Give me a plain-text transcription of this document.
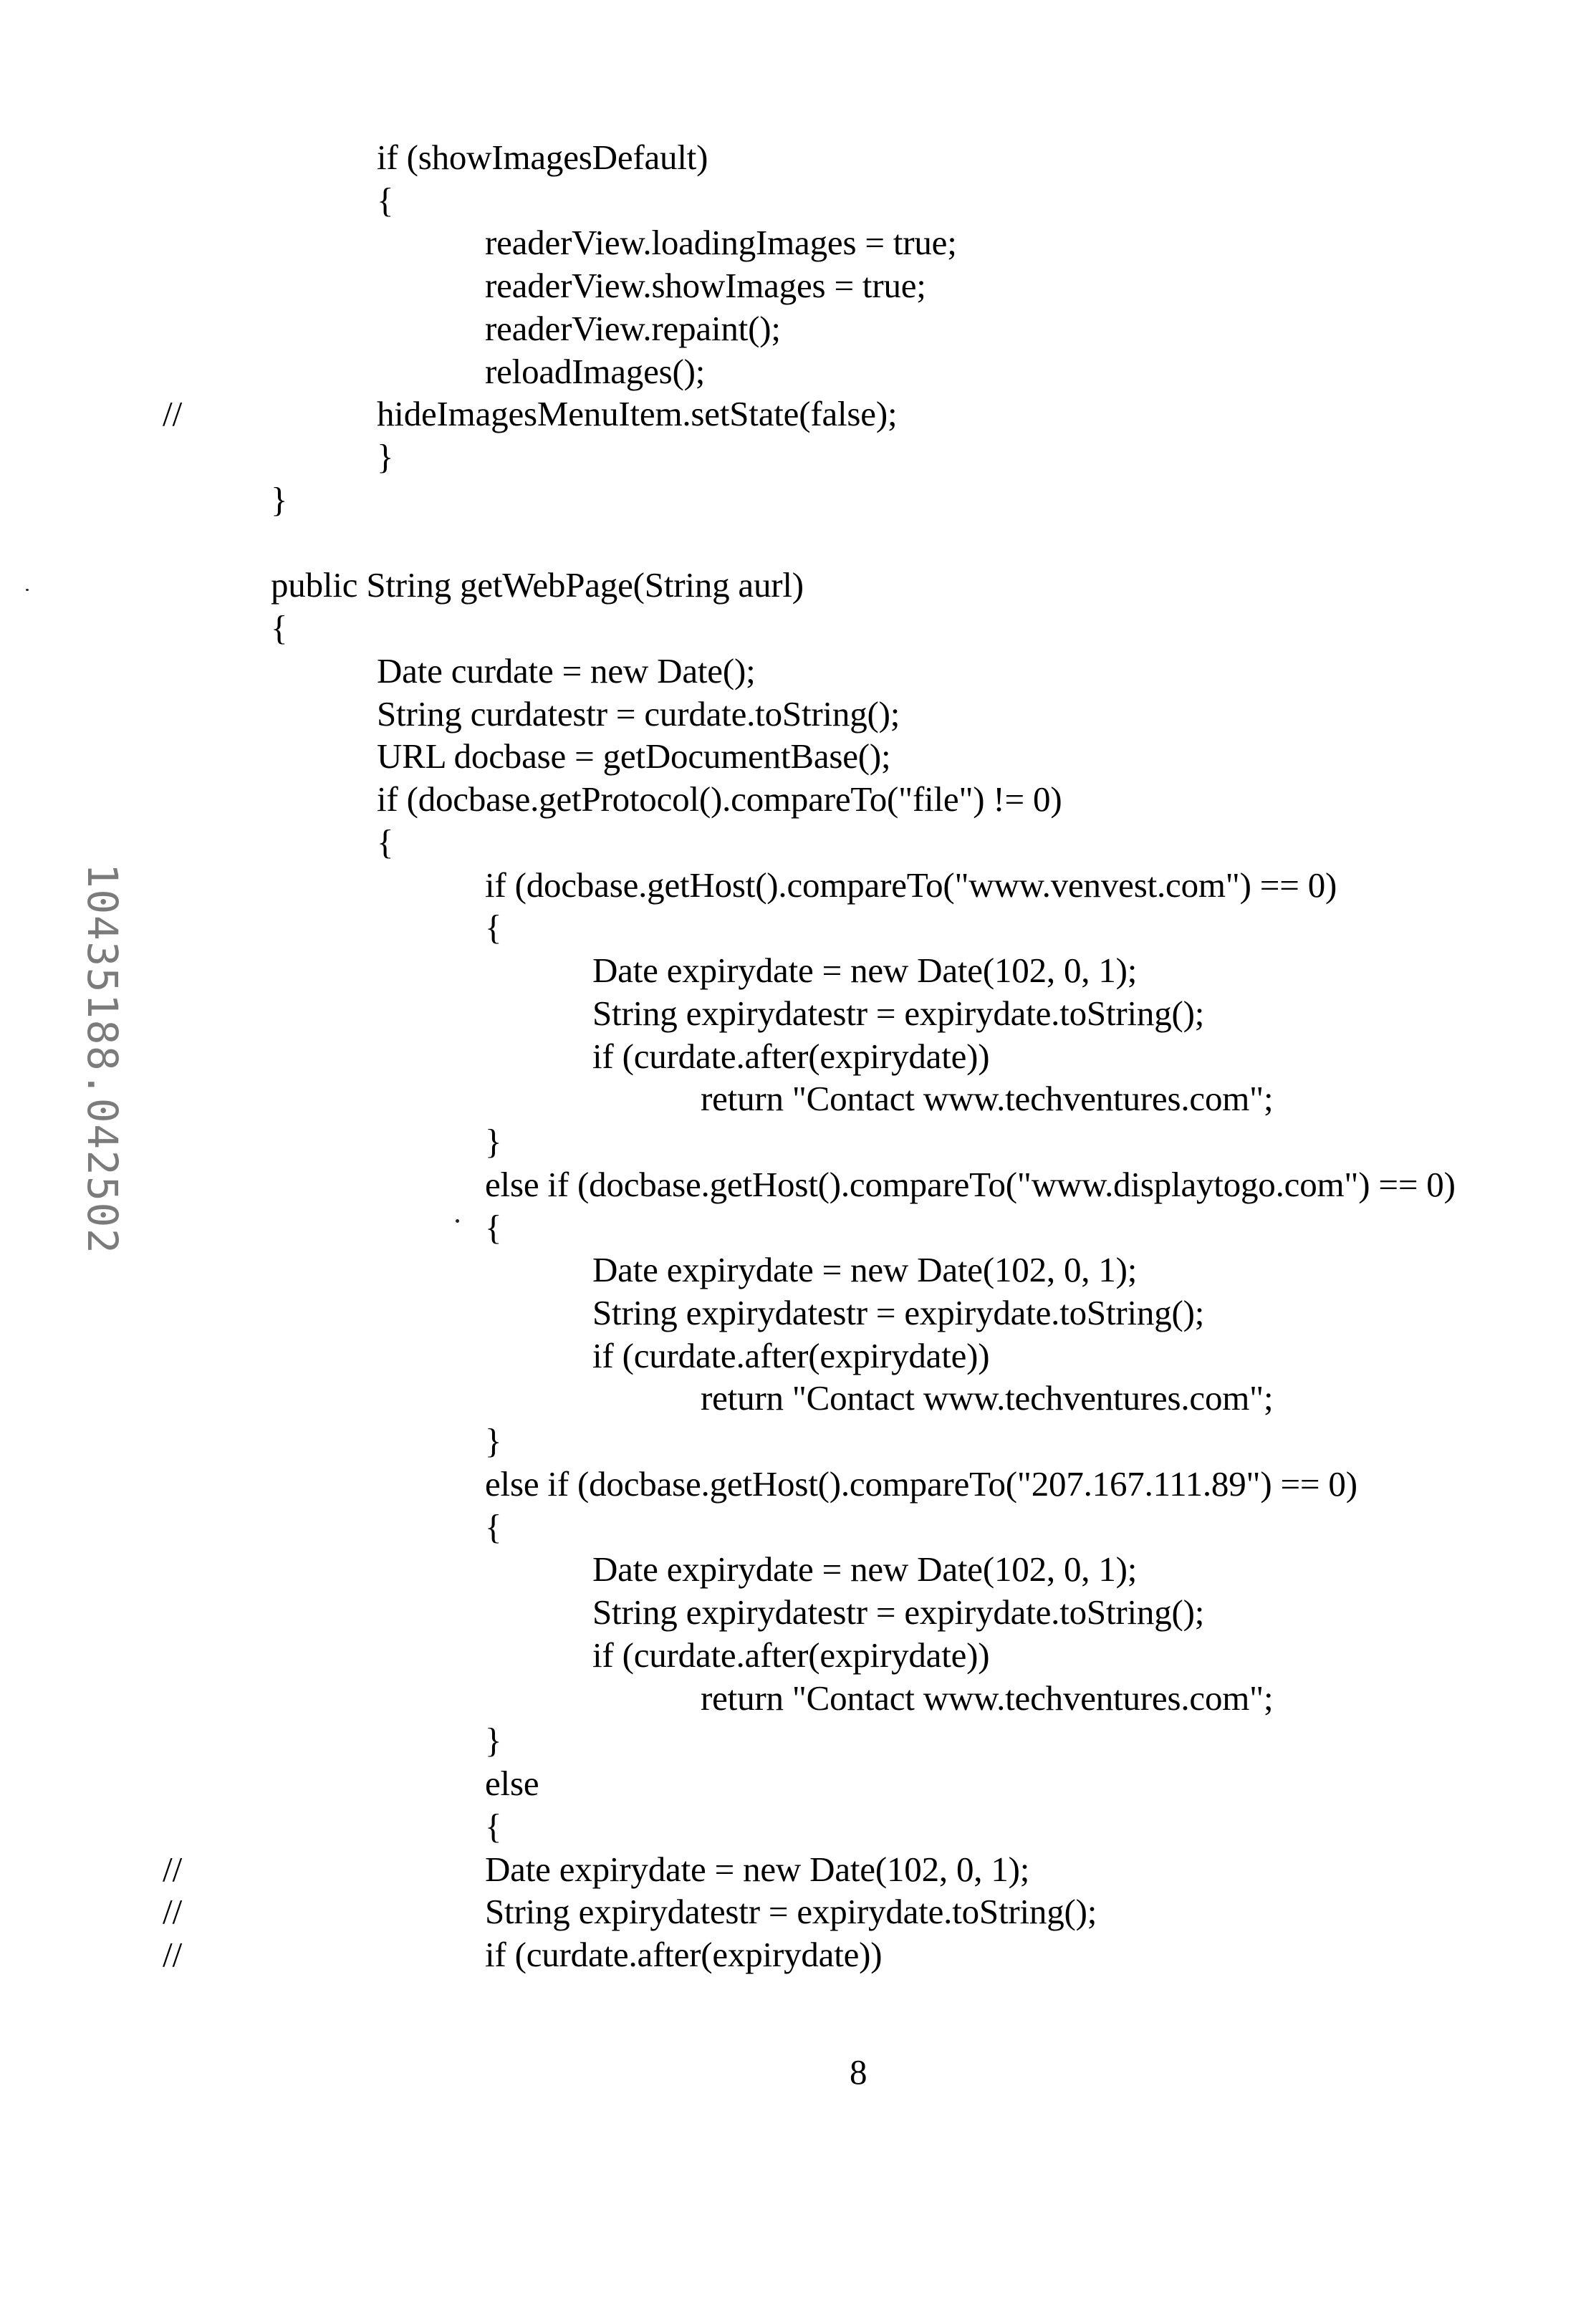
if (showImagesDefault)
{
readerView.loadingImages = true;
readerView.showImages = true;
readerView.repaint();
reloadImages();
//	hideImagesMenuItem.setState(false);
}
}
public String getWebPage(String aurl)
{
Date curdate = new Date();
String curdatestr = curdate.toString();
URL docbase = getDocumentBase();
if (docbase.getProtocol().compareTo("file") != 0)
{
if (docbase.getHost().compareTo("www.venvest.com") == 0)
{
Date expirydate = new Date(102, 0, 1);
String expirydatestr = expirydate.toString();
if (curdate.after(expirydate))
return "Contact www.techventures.com";
}
else if (docbase.getHost().compareTo("www.displaytogo.com") == 0)
{
Date expirydate = new Date(102, 0, 1);
String expirydatestr = expirydate.toString();
if (curdate.after(expirydate))
return "Contact www.techventures.com";
}
else if (docbase.getHost().compareTo("207.167.111.89") == 0)
{
Date expirydate = new Date(102, 0, 1);
String expirydatestr = expirydate.toString();
if (curdate.after(expirydate))
return "Contact www.techventures.com";
}
else
{
//	Date expirydate = new Date(102, 0, 1);
//	String expirydatestr = expirydate.toString();
//	if (curdate.after(expirydate))
10435188.042502
8
